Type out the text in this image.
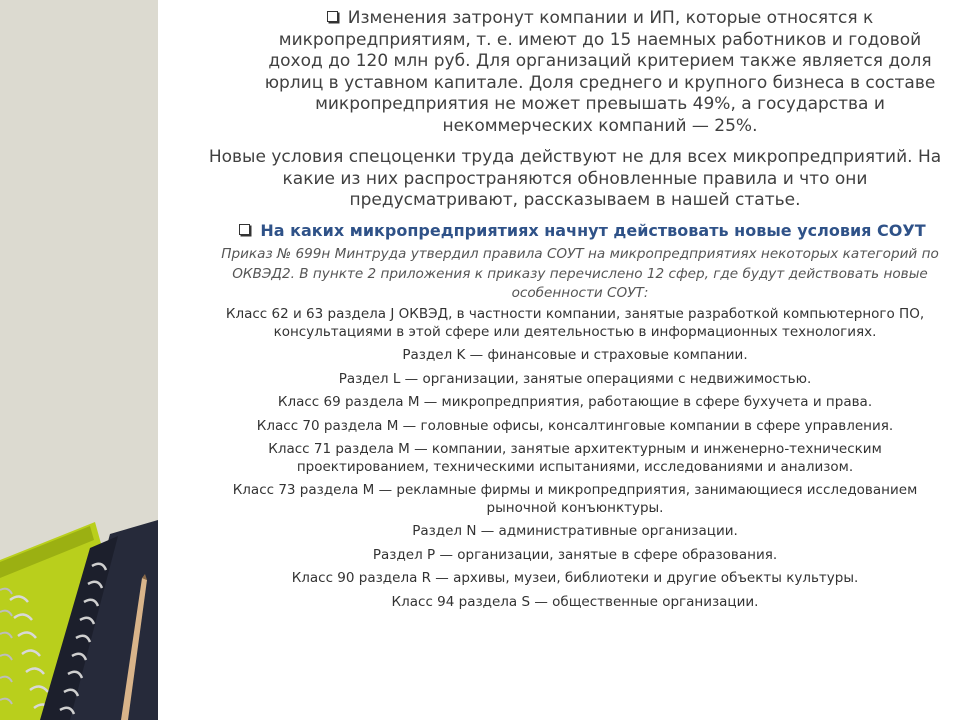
Изменения затронут компании и ИП, которые относятся к микропредприятиям, т. е. имеют до 15 наемных работников и годовой доход до 120 млн руб. Для организаций критерием также является доля юрлиц в уставном капитале. Доля среднего и крупного бизнеса в составе микропредприятия не может превышать 49%, а государства и некоммерческих компаний — 25%.
Новые условия спецоценки труда действуют не для всех микропредприятий. На какие из них распространяются обновленные правила и что они предусматривают, рассказываем в нашей статье.
На каких микропредприятиях начнут действовать новые условия СОУТ
Приказ № 699н Минтруда утвердил правила СОУТ на микропредприятиях некоторых категорий по ОКВЭД2. В пункте 2 приложения к приказу перечислено 12 сфер, где будут действовать новые особенности СОУТ:
Класс 62 и 63 раздела J ОКВЭД, в частности компании, занятые разработкой компьютерного ПО, консультациями в этой сфере или деятельностью в информационных технологиях.
Раздел K — финансовые и страховые компании.
Раздел L — организации, занятые операциями с недвижимостью.
Класс 69 раздела M — микропредприятия, работающие в сфере бухучета и права.
Класс 70 раздела M — головные офисы, консалтинговые компании в сфере управления.
Класс 71 раздела M — компании, занятые архитектурным и инженерно-техническим проектированием, техническими испытаниями, исследованиями и анализом.
Класс 73 раздела M — рекламные фирмы и микропредприятия, занимающиеся исследованием рыночной конъюнктуры.
Раздел N — административные организации.
Раздел P — организации, занятые в сфере образования.
Класс 90 раздела R — архивы, музеи, библиотеки и другие объекты культуры.
Класс 94 раздела S — общественные организации.
